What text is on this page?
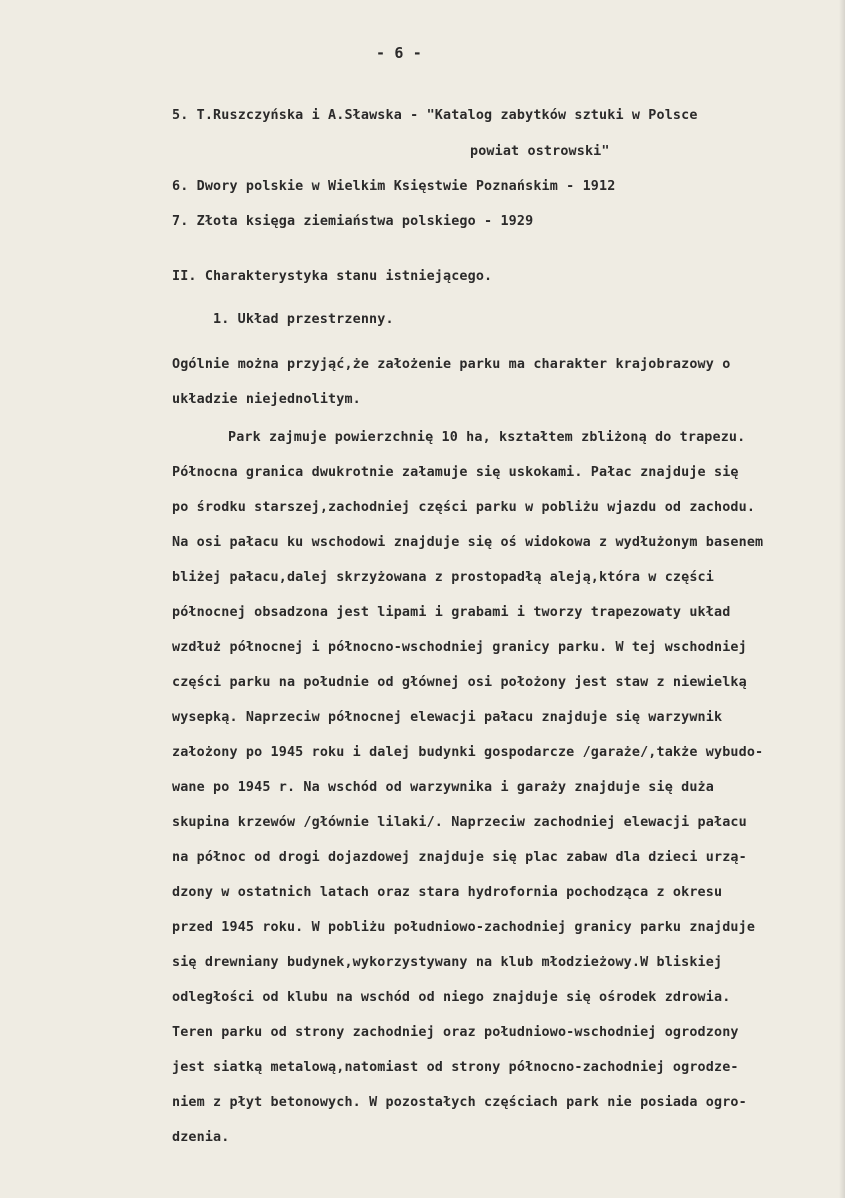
- 6 -
5. T.Ruszczyńska i A.Sławska - "Katalog zabytków sztuki w Polsce
powiat ostrowski"
6. Dwory polskie w Wielkim Księstwie Poznańskim - 1912
7. Złota księga ziemiaństwa polskiego - 1929
II. Charakterystyka stanu istniejącego.
1. Układ przestrzenny.
Ogólnie można przyjąć,że założenie parku ma charakter krajobrazowy o
układzie niejednolitym.
Park zajmuje powierzchnię 10 ha, kształtem zbliżoną do trapezu.
Północna granica dwukrotnie załamuje się uskokami. Pałac znajduje się
po środku starszej,zachodniej części parku w pobliżu wjazdu od zachodu.
Na osi pałacu ku wschodowi znajduje się oś widokowa z wydłużonym basenem
bliżej pałacu,dalej skrzyżowana z prostopadłą aleją,która w części
północnej obsadzona jest lipami i grabami i tworzy trapezowaty układ
wzdłuż północnej i północno-wschodniej granicy parku. W tej wschodniej
części parku na południe od głównej osi położony jest staw z niewielką
wysepką. Naprzeciw północnej elewacji pałacu znajduje się warzywnik
założony po 1945 roku i dalej budynki gospodarcze /garaże/,także wybudo-
wane po 1945 r. Na wschód od warzywnika i garaży znajduje się duża
skupina krzewów /głównie lilaki/. Naprzeciw zachodniej elewacji pałacu
na północ od drogi dojazdowej znajduje się plac zabaw dla dzieci urzą-
dzony w ostatnich latach oraz stara hydrofornia pochodząca z okresu
przed 1945 roku. W pobliżu południowo-zachodniej granicy parku znajduje
się drewniany budynek,wykorzystywany na klub młodzieżowy.W bliskiej
odległości od klubu na wschód od niego znajduje się ośrodek zdrowia.
Teren parku od strony zachodniej oraz południowo-wschodniej ogrodzony
jest siatką metalową,natomiast od strony północno-zachodniej ogrodze-
niem z płyt betonowych. W pozostałych częściach park nie posiada ogro-
dzenia.
